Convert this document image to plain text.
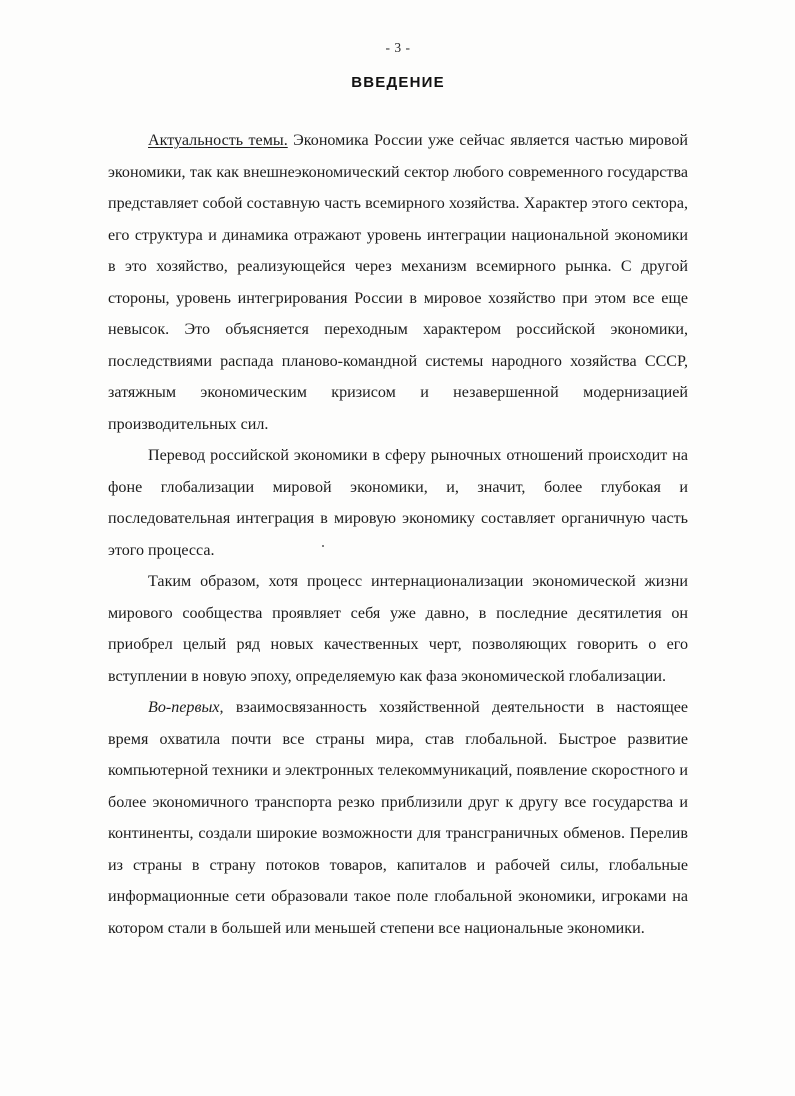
- 3 -
ВВЕДЕНИЕ

Актуальность темы. Экономика России уже сейчас является частью мировой экономики, так как внешнеэкономический сектор любого современного государства представляет собой составную часть всемирного хозяйства. Характер этого сектора, его структура и динамика отражают уровень интеграции национальной экономики в это хозяйство, реализующейся через механизм всемирного рынка. С другой стороны, уровень интегрирования России в мировое хозяйство при этом все еще невысок. Это объясняется переходным характером российской экономики, последствиями распада планово-командной системы народного хозяйства СССР, затяжным экономическим кризисом и незавершенной модернизацией производительных сил.

Перевод российской экономики в сферу рыночных отношений происходит на фоне глобализации мировой экономики, и, значит, более глубокая и последовательная интеграция в мировую экономику составляет органичную часть этого процесса.

Таким образом, хотя процесс интернационализации экономической жизни мирового сообщества проявляет себя уже давно, в последние десятилетия он приобрел целый ряд новых качественных черт, позволяющих говорить о его вступлении в новую эпоху, определяемую как фаза экономической глобализации.

Во-первых, взаимосвязанность хозяйственной деятельности в настоящее время охватила почти все страны мира, став глобальной. Быстрое развитие компьютерной техники и электронных телекоммуникаций, появление скоростного и более экономичного транспорта резко приблизили друг к другу все государства и континенты, создали широкие возможности для трансграничных обменов. Перелив из страны в страну потоков товаров, капиталов и рабочей силы, глобальные информационные сети образовали такое поле глобальной экономики, игроками на котором стали в большей или меньшей степени все национальные экономики.
